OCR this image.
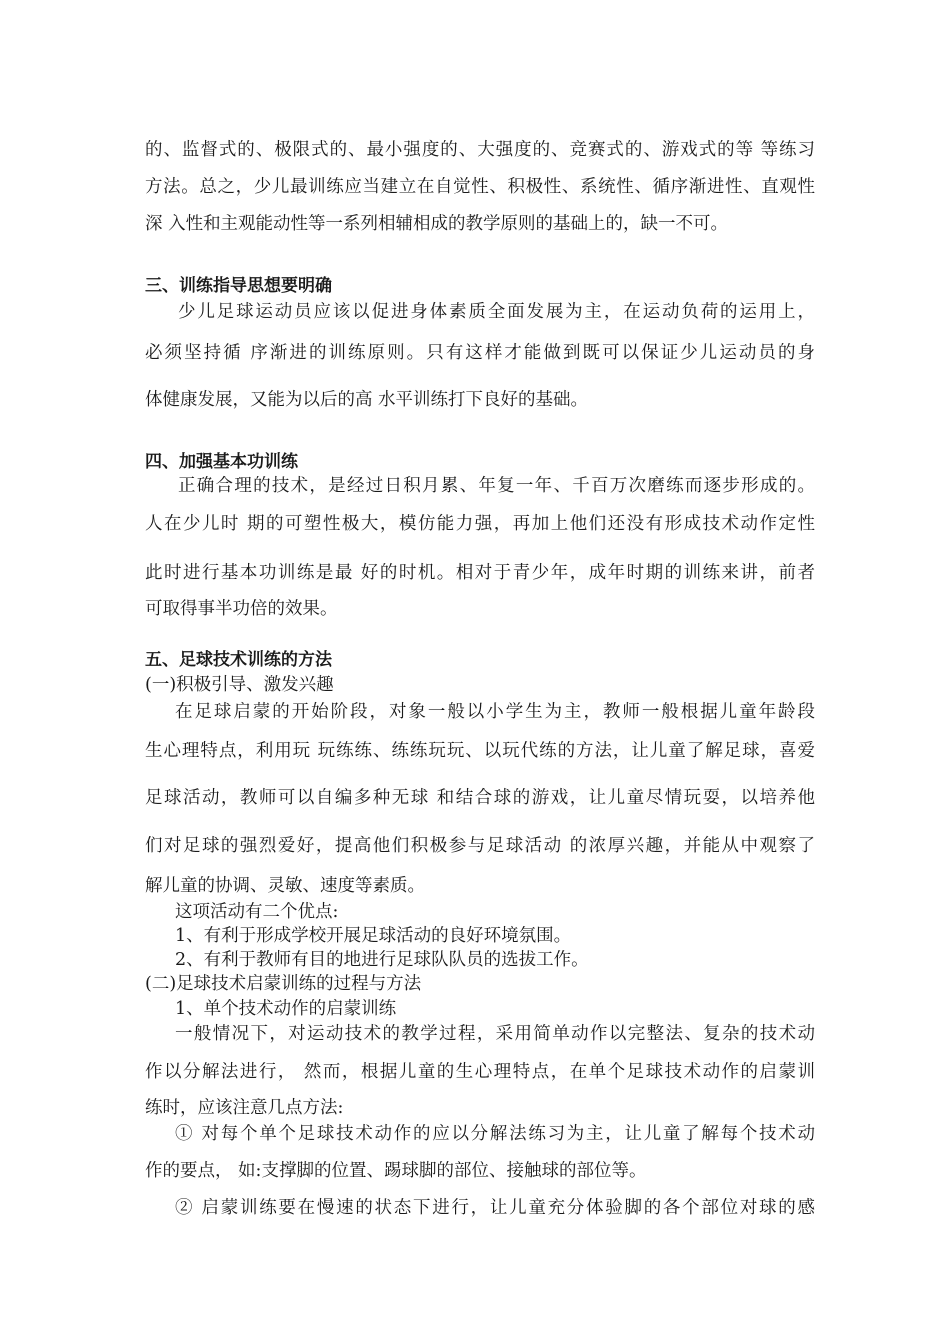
的、监督式的、极限式的、最小强度的、大强度的、竞赛式的、游戏式的等 等练习
方法。总之，少儿最训练应当建立在自觉性、积极性、系统性、循序渐进性、直观性
深 入性和主观能动性等一系列相辅相成的教学原则的基础上的，缺一不可。
三、训练指导思想要明确
少儿足球运动员应该以促进身体素质全面发展为主，在运动负荷的运用上，
必须坚持循 序渐进的训练原则。只有这样才能做到既可以保证少儿运动员的身
体健康发展，又能为以后的高 水平训练打下良好的基础。
四、加强基本功训练
正确合理的技术，是经过日积月累、年复一年、千百万次磨练而逐步形成的。
人在少儿时 期的可塑性极大，模仿能力强，再加上他们还没有形成技术动作定性
此时进行基本功训练是最 好的时机。相对于青少年，成年时期的训练来讲，前者
可取得事半功倍的效果。
五、足球技术训练的方法
(一)积极引导、激发兴趣
在足球启蒙的开始阶段，对象一般以小学生为主，教师一般根据儿童年龄段
生心理特点，利用玩 玩练练、练练玩玩、以玩代练的方法，让儿童了解足球，喜爱
足球活动，教师可以自编多种无球 和结合球的游戏，让儿童尽情玩耍，以培养他
们对足球的强烈爱好，提高他们积极参与足球活动 的浓厚兴趣，并能从中观察了
解儿童的协调、灵敏、速度等素质。
这项活动有二个优点:
1、有利于形成学校开展足球活动的良好环境氛围。
2、有利于教师有目的地进行足球队队员的选拔工作。
(二)足球技术启蒙训练的过程与方法
1、单个技术动作的启蒙训练
一般情况下，对运动技术的教学过程，采用简单动作以完整法、复杂的技术动
作以分解法进行， 然而，根据儿童的生心理特点，在单个足球技术动作的启蒙训
练时，应该注意几点方法:
① 对每个单个足球技术动作的应以分解法练习为主，让儿童了解每个技术动
作的要点， 如:支撑脚的位置、踢球脚的部位、接触球的部位等。
② 启蒙训练要在慢速的状态下进行，让儿童充分体验脚的各个部位对球的感
